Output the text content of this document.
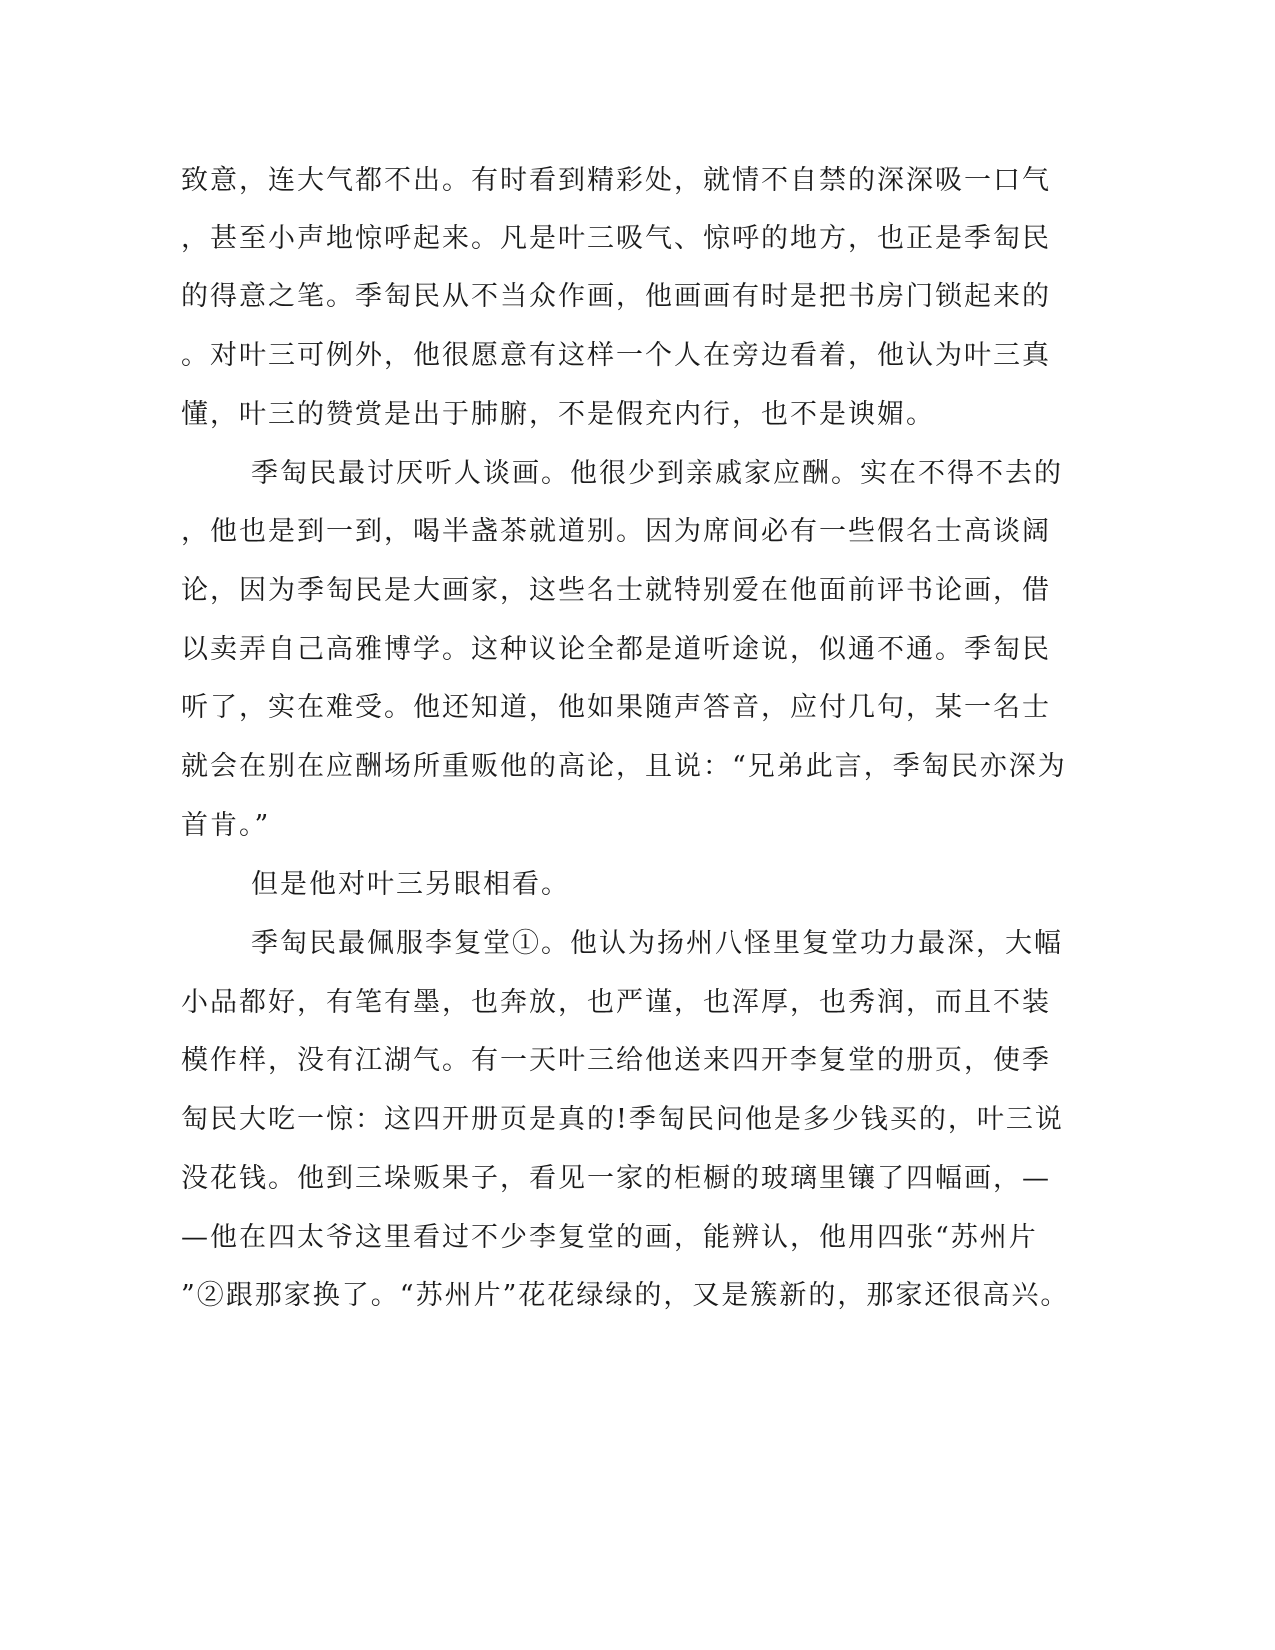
致意，连大气都不出。有时看到精彩处，就情不自禁的深深吸一口气

，甚至小声地惊呼起来。凡是叶三吸气、惊呼的地方，也正是季匋民

的得意之笔。季匋民从不当众作画，他画画有时是把书房门锁起来的

。对叶三可例外，他很愿意有这样一个人在旁边看着，他认为叶三真

懂，叶三的赞赏是出于肺腑，不是假充内行，也不是谀媚。

季匋民最讨厌听人谈画。他很少到亲戚家应酬。实在不得不去的

，他也是到一到，喝半盏茶就道别。因为席间必有一些假名士高谈阔

论，因为季匋民是大画家，这些名士就特别爱在他面前评书论画，借

以卖弄自己高雅博学。这种议论全都是道听途说，似通不通。季匋民

听了，实在难受。他还知道，他如果随声答音，应付几句，某一名士

就会在别在应酬场所重贩他的高论，且说：“兄弟此言，季匋民亦深为

首肯。”

但是他对叶三另眼相看。

季匋民最佩服李复堂①。他认为扬州八怪里复堂功力最深，大幅

小品都好，有笔有墨，也奔放，也严谨，也浑厚，也秀润，而且不装

模作样，没有江湖气。有一天叶三给他送来四开李复堂的册页，使季

匋民大吃一惊：这四开册页是真的!季匋民问他是多少钱买的，叶三说

没花钱。他到三垛贩果子，看见一家的柜橱的玻璃里镶了四幅画，—

—他在四太爷这里看过不少李复堂的画，能辨认，他用四张“苏州片

”②跟那家换了。“苏州片”花花绿绿的，又是簇新的，那家还很高兴。
